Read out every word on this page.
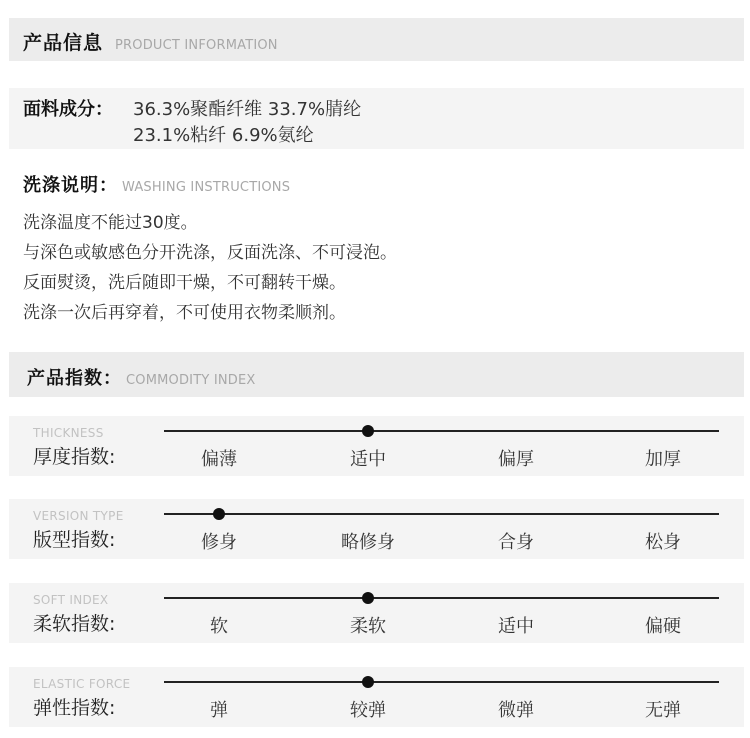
产品信息 PRODUCT INFORMATION
面料成分： 36.3%聚酯纤维 33.7%腈纶
23.1%粘纤 6.9%氨纶
洗涤说明： WASHING INSTRUCTIONS
洗涤温度不能过30度。
与深色或敏感色分开洗涤，反面洗涤、不可浸泡。
反面熨烫，洗后随即干燥，不可翻转干燥。
洗涤一次后再穿着，不可使用衣物柔顺剂。
产品指数： COMMODITY INDEX
THICKNESS
厚度指数:	偏薄	适中	偏厚	加厚
VERSION TYPE
版型指数:	修身	略修身	合身	松身
SOFT INDEX
柔软指数:	软	柔软	适中	偏硬
ELASTIC FORCE
弹性指数:	弹	较弹	微弹	无弹
